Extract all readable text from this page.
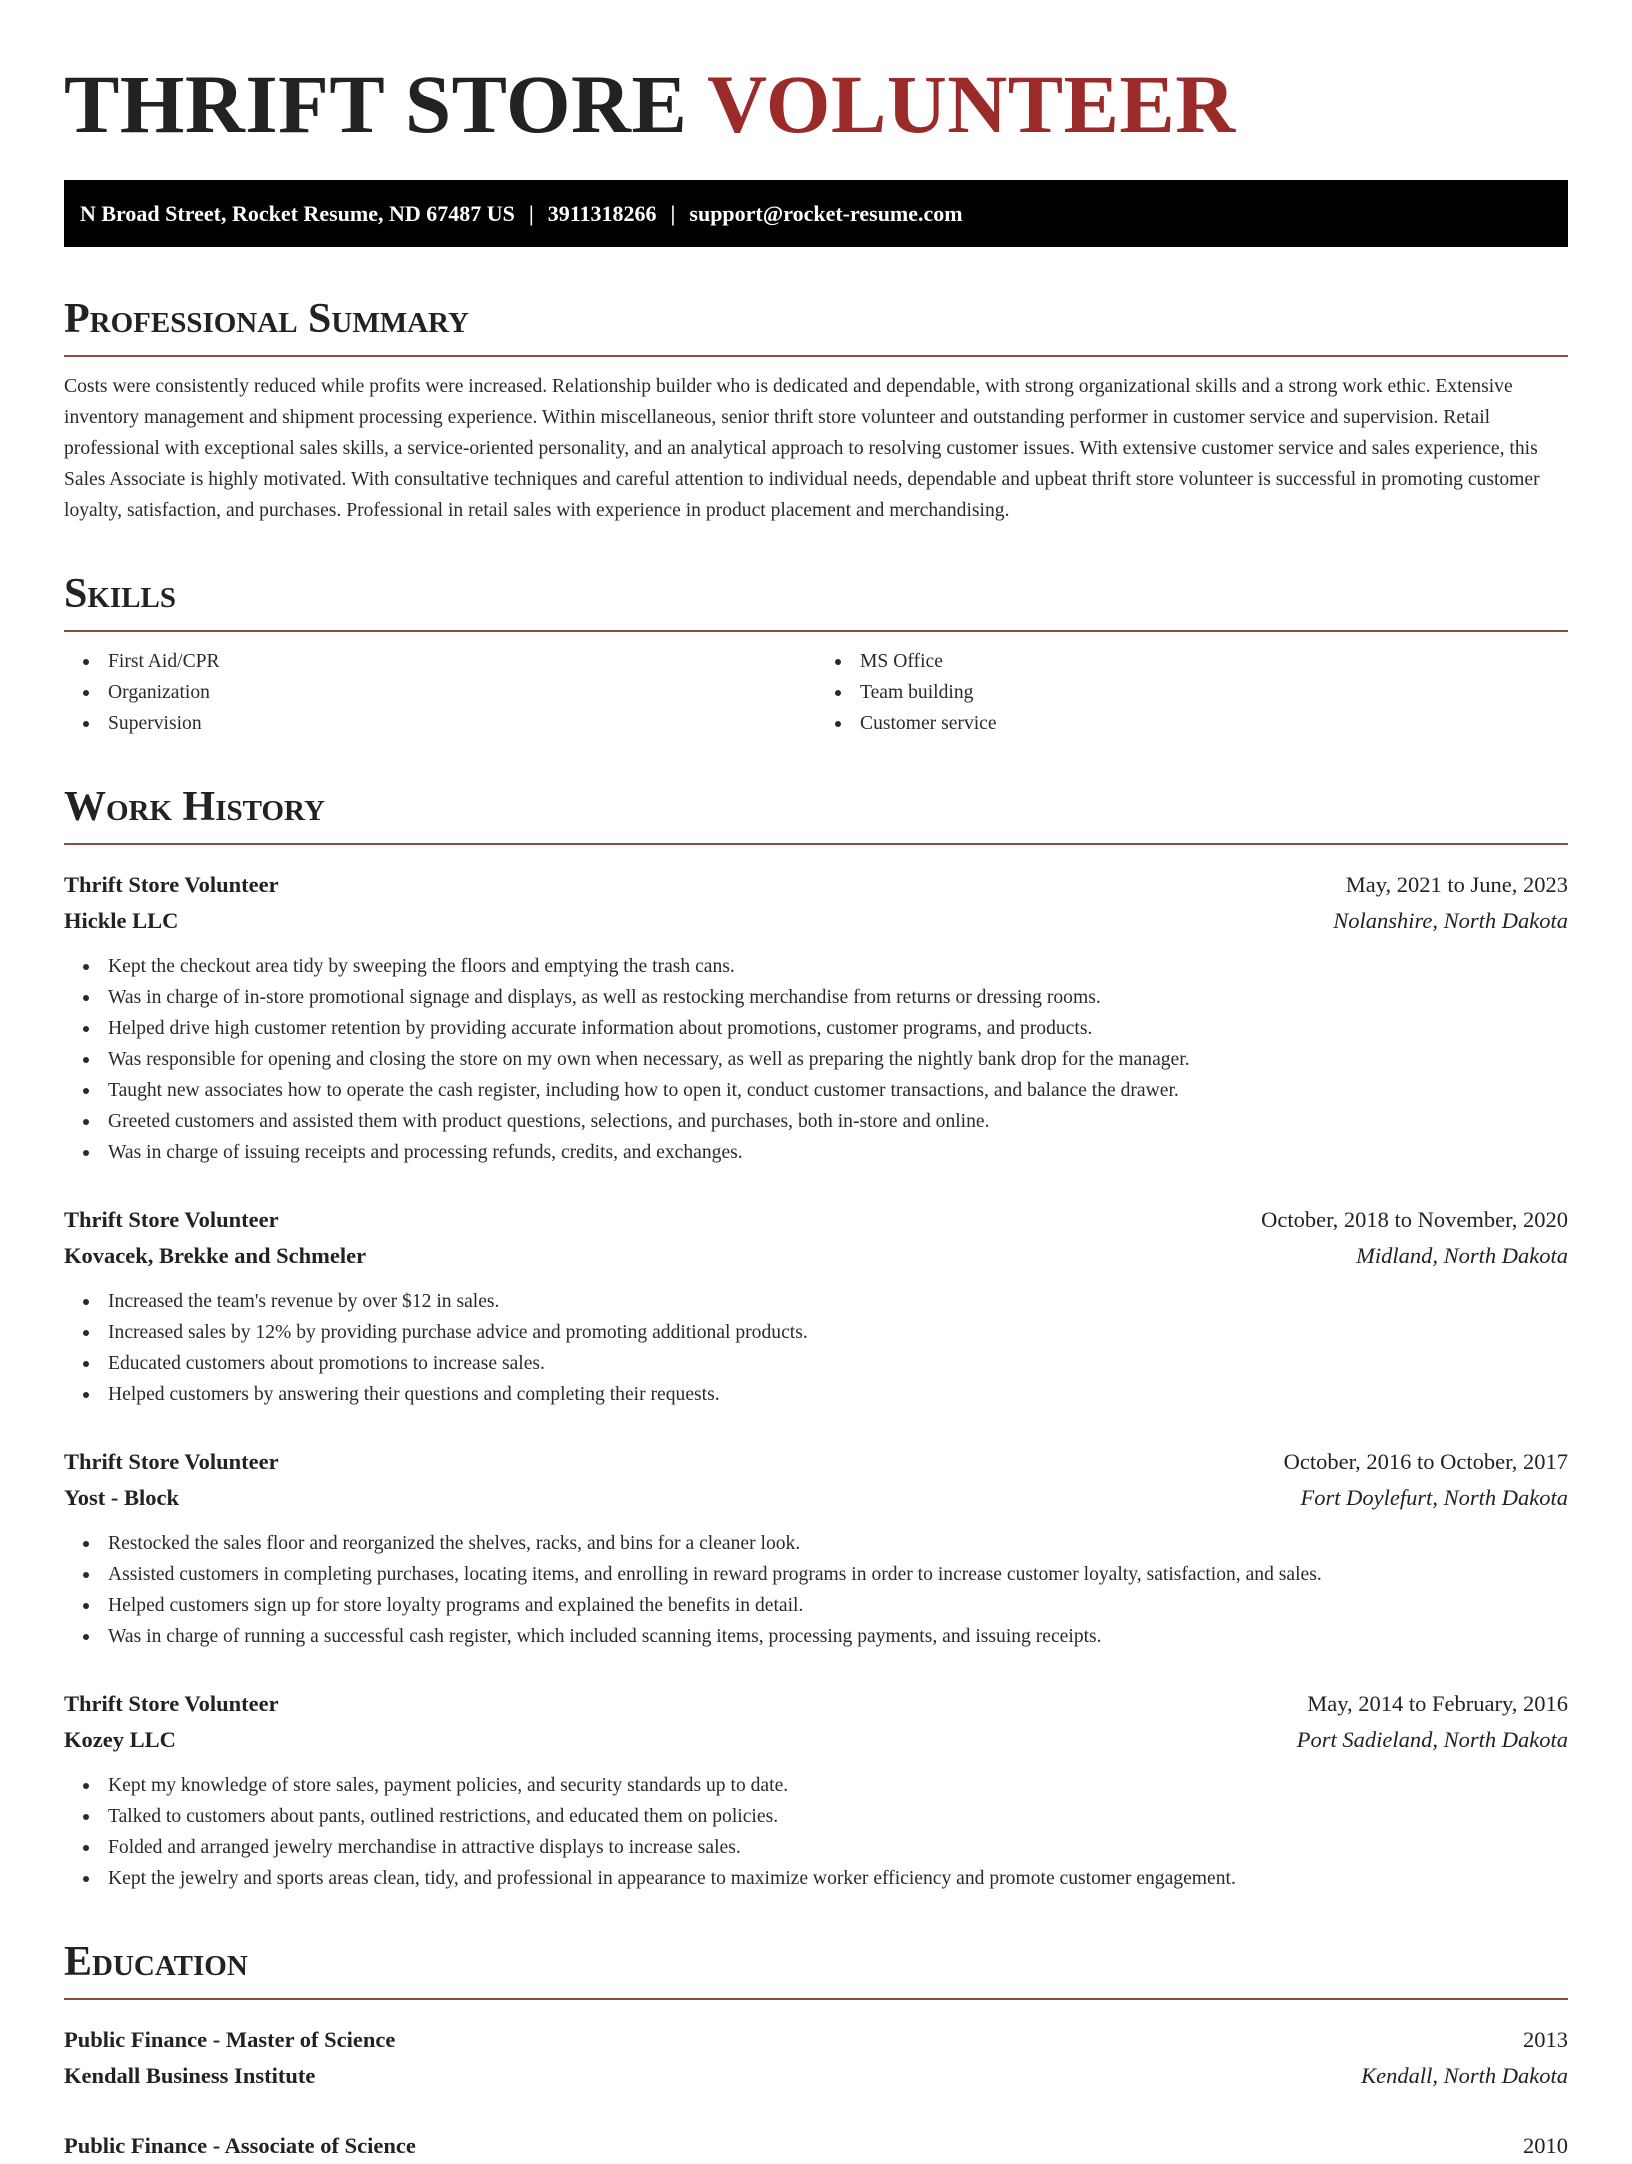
THRIFT STORE VOLUNTEER
N Broad Street, Rocket Resume, ND 67487 US | 3911318266 | support@rocket-resume.com
Professional Summary

Costs were consistently reduced while profits were increased. Relationship builder who is dedicated and dependable, with strong organizational skills and a strong work ethic. Extensive inventory management and shipment processing experience. Within miscellaneous, senior thrift store volunteer and outstanding performer in customer service and supervision. Retail professional with exceptional sales skills, a service-oriented personality, and an analytical approach to resolving customer issues. With extensive customer service and sales experience, this Sales Associate is highly motivated. With consultative techniques and careful attention to individual needs, dependable and upbeat thrift store volunteer is successful in promoting customer loyalty, satisfaction, and purchases. Professional in retail sales with experience in product placement and merchandising.

Skills
First Aid/CPR
Organization
Supervision
MS Office
Team building
Customer service
Work History
Thrift Store Volunteer	May, 2021 to June, 2023
Hickle LLC	Nolanshire, North Dakota
Kept the checkout area tidy by sweeping the floors and emptying the trash cans.
Was in charge of in-store promotional signage and displays, as well as restocking merchandise from returns or dressing rooms.
Helped drive high customer retention by providing accurate information about promotions, customer programs, and products.
Was responsible for opening and closing the store on my own when necessary, as well as preparing the nightly bank drop for the manager.
Taught new associates how to operate the cash register, including how to open it, conduct customer transactions, and balance the drawer.
Greeted customers and assisted them with product questions, selections, and purchases, both in-store and online.
Was in charge of issuing receipts and processing refunds, credits, and exchanges.
Thrift Store Volunteer	October, 2018 to November, 2020
Kovacek, Brekke and Schmeler	Midland, North Dakota
Increased the team's revenue by over $12 in sales.
Increased sales by 12% by providing purchase advice and promoting additional products.
Educated customers about promotions to increase sales.
Helped customers by answering their questions and completing their requests.
Thrift Store Volunteer	October, 2016 to October, 2017
Yost - Block	Fort Doylefurt, North Dakota
Restocked the sales floor and reorganized the shelves, racks, and bins for a cleaner look.
Assisted customers in completing purchases, locating items, and enrolling in reward programs in order to increase customer loyalty, satisfaction, and sales.
Helped customers sign up for store loyalty programs and explained the benefits in detail.
Was in charge of running a successful cash register, which included scanning items, processing payments, and issuing receipts.
Thrift Store Volunteer	May, 2014 to February, 2016
Kozey LLC	Port Sadieland, North Dakota
Kept my knowledge of store sales, payment policies, and security standards up to date.
Talked to customers about pants, outlined restrictions, and educated them on policies.
Folded and arranged jewelry merchandise in attractive displays to increase sales.
Kept the jewelry and sports areas clean, tidy, and professional in appearance to maximize worker efficiency and promote customer engagement.
Education
Public Finance - Master of Science	2013
Kendall Business Institute	Kendall, North Dakota
Public Finance - Associate of Science	2010
